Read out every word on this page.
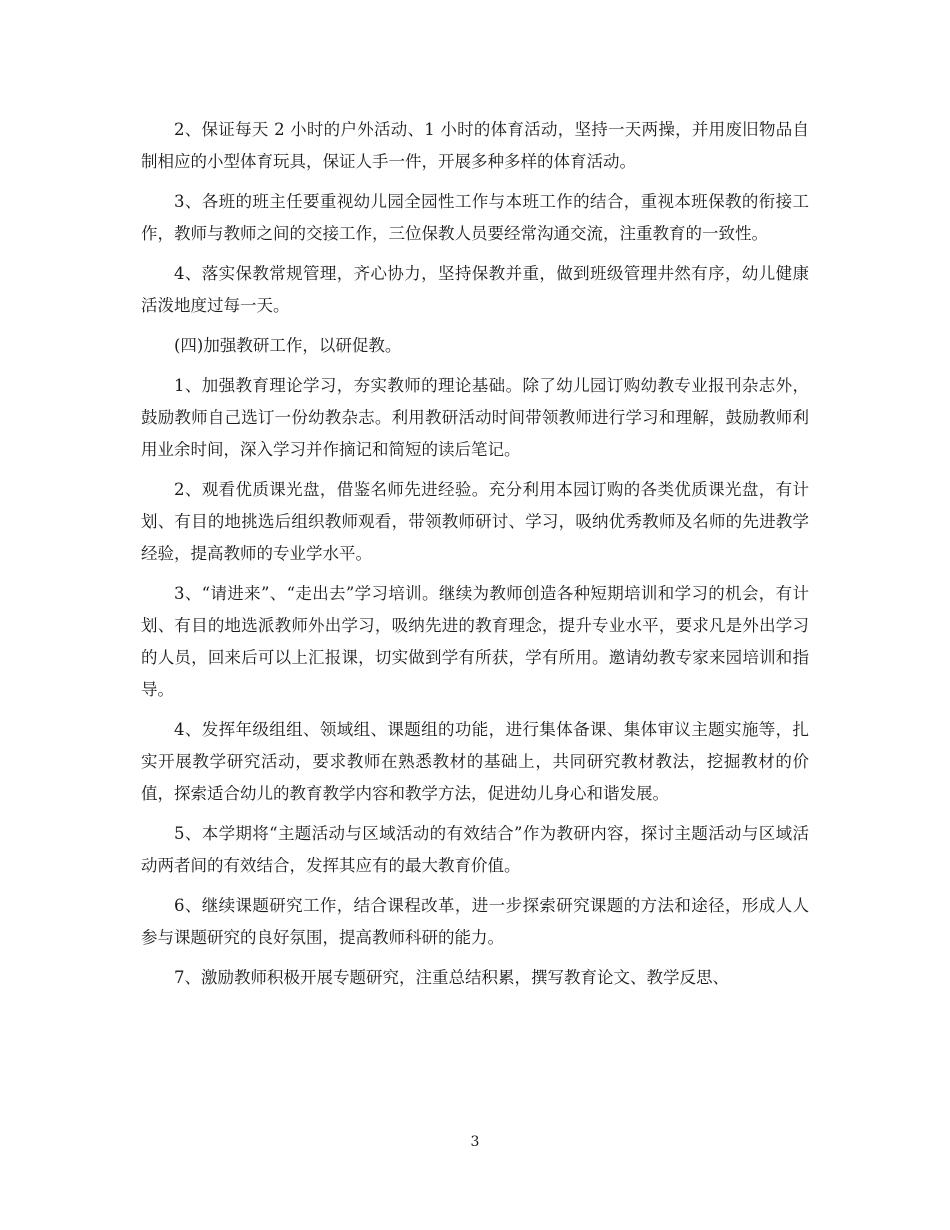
2、保证每天 2 小时的户外活动、1 小时的体育活动，坚持一天两操，并用废旧物品自制相应的小型体育玩具，保证人手一件，开展多种多样的体育活动。

3、各班的班主任要重视幼儿园全园性工作与本班工作的结合，重视本班保教的衔接工作，教师与教师之间的交接工作，三位保教人员要经常沟通交流，注重教育的一致性。

4、落实保教常规管理，齐心协力，坚持保教并重，做到班级管理井然有序，幼儿健康活泼地度过每一天。

(四)加强教研工作，以研促教。

1、加强教育理论学习，夯实教师的理论基础。除了幼儿园订购幼教专业报刊杂志外，鼓励教师自己选订一份幼教杂志。利用教研活动时间带领教师进行学习和理解，鼓励教师利用业余时间，深入学习并作摘记和简短的读后笔记。

2、观看优质课光盘，借鉴名师先进经验。充分利用本园订购的各类优质课光盘，有计划、有目的地挑选后组织教师观看，带领教师研讨、学习，吸纳优秀教师及名师的先进教学经验，提高教师的专业学水平。

3、“请进来”、“走出去”学习培训。继续为教师创造各种短期培训和学习的机会，有计划、有目的地选派教师外出学习，吸纳先进的教育理念，提升专业水平，要求凡是外出学习的人员，回来后可以上汇报课，切实做到学有所获，学有所用。邀请幼教专家来园培训和指导。

4、发挥年级组组、领域组、课题组的功能，进行集体备课、集体审议主题实施等，扎实开展教学研究活动，要求教师在熟悉教材的基础上，共同研究教材教法，挖掘教材的价值，探索适合幼儿的教育教学内容和教学方法，促进幼儿身心和谐发展。

5、本学期将“主题活动与区域活动的有效结合”作为教研内容，探讨主题活动与区域活动两者间的有效结合，发挥其应有的最大教育价值。

6、继续课题研究工作，结合课程改革，进一步探索研究课题的方法和途径，形成人人参与课题研究的良好氛围，提高教师科研的能力。

7、激励教师积极开展专题研究，注重总结积累，撰写教育论文、教学反思、

3
